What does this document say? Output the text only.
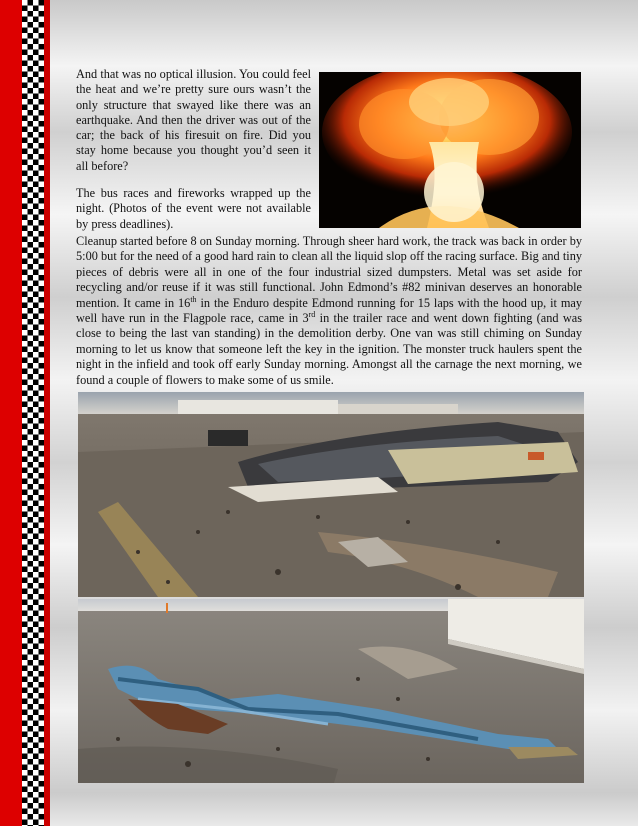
And that was no optical illusion. You could feel the heat and we’re pretty sure ours wasn’t the only structure that swayed like there was an earthquake. And then the driver was out of the car; the back of his firesuit on fire. Did you stay home because you thought you’d seen it all before?

The bus races and fireworks wrapped up the night. (Photos of the event were not available by press deadlines).

Cleanup started before 8 on Sunday morning. Through sheer hard work, the track was back in order by 5:00 but for the need of a good hard rain to clean all the liquid slop off the racing surface. Big and tiny pieces of debris were all in one of the four industrial sized dumpsters. Metal was set aside for recycling and/or reuse if it was still functional. John Edmond’s #82 minivan deserves an honorable mention. It came in 16th in the Enduro despite Edmond running for 15 laps with the hood up, it may well have run in the Flagpole race, came in 3rd in the trailer race and went down fighting (and was close to being the last van standing) in the demolition derby. One van was still chiming on Sunday morning to let us know that someone left the key in the ignition. The monster truck haulers spent the night in the infield and took off early Sunday morning. Amongst all the carnage the next morning, we found a couple of flowers to make some of us smile.
